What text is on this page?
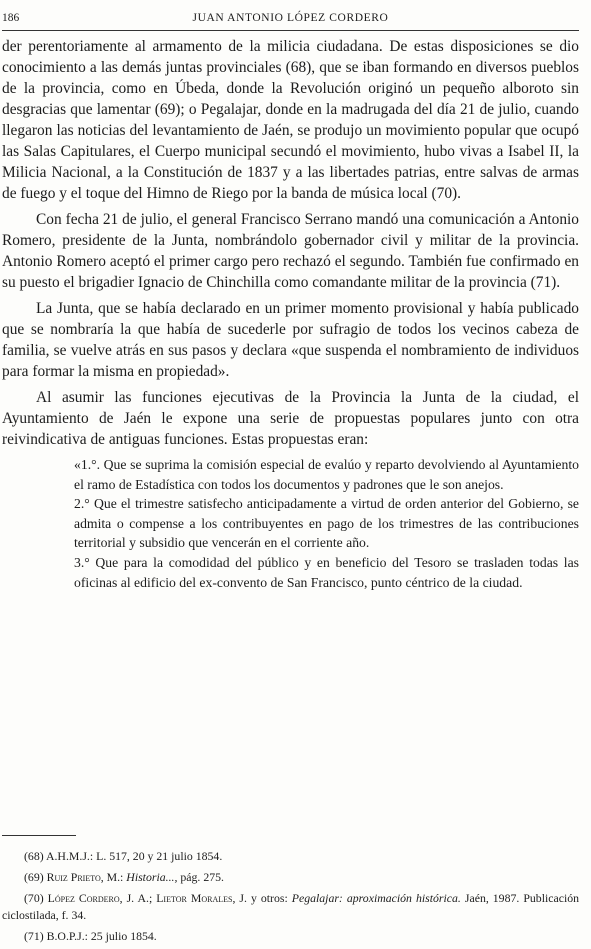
186	JUAN ANTONIO LÓPEZ CORDERO

der perentoriamente al armamento de la milicia ciudadana. De estas disposiciones se dio conocimiento a las demás juntas provinciales (68), que se iban formando en diversos pueblos de la provincia, como en Úbeda, donde la Revolución originó un pequeño alboroto sin desgracias que lamentar (69); o Pegalajar, donde en la madrugada del día 21 de julio, cuando llegaron las noticias del levantamiento de Jaén, se produjo un movimiento popular que ocupó las Salas Capitulares, el Cuerpo municipal secundó el movimiento, hubo vivas a Isabel II, la Milicia Nacional, a la Constitución de 1837 y a las libertades patrias, entre salvas de armas de fuego y el toque del Himno de Riego por la banda de música local (70).

Con fecha 21 de julio, el general Francisco Serrano mandó una comunicación a Antonio Romero, presidente de la Junta, nombrándolo gobernador civil y militar de la provincia. Antonio Romero aceptó el primer cargo pero rechazó el segundo. También fue confirmado en su puesto el brigadier Ignacio de Chinchilla como comandante militar de la provincia (71).

La Junta, que se había declarado en un primer momento provisional y había publicado que se nombraría la que había de sucederle por sufragio de todos los vecinos cabeza de familia, se vuelve atrás en sus pasos y declara «que suspenda el nombramiento de individuos para formar la misma en propiedad».

Al asumir las funciones ejecutivas de la Provincia la Junta de la ciudad, el Ayuntamiento de Jaén le expone una serie de propuestas populares junto con otra reivindicativa de antiguas funciones. Estas propuestas eran:

«1.°. Que se suprima la comisión especial de evalúo y reparto devolviendo al Ayuntamiento el ramo de Estadística con todos los documentos y padrones que le son anejos.

2.° Que el trimestre satisfecho anticipadamente a virtud de orden anterior del Gobierno, se admita o compense a los contribuyentes en pago de los trimestres de las contribuciones territorial y subsidio que vencerán en el corriente año.

3.° Que para la comodidad del público y en beneficio del Tesoro se trasladen todas las oficinas al edificio del ex-convento de San Francisco, punto céntrico de la ciudad.

(68) A.H.M.J.: L. 517, 20 y 21 julio 1854.

(69) Ruiz Prieto, M.: Historia..., pág. 275.

(70) López Cordero, J. A.; Lietor Morales, J. y otros: Pegalajar: aproximación histórica. Jaén, 1987. Publicación ciclostilada, f. 34.

(71) B.O.P.J.: 25 julio 1854.
